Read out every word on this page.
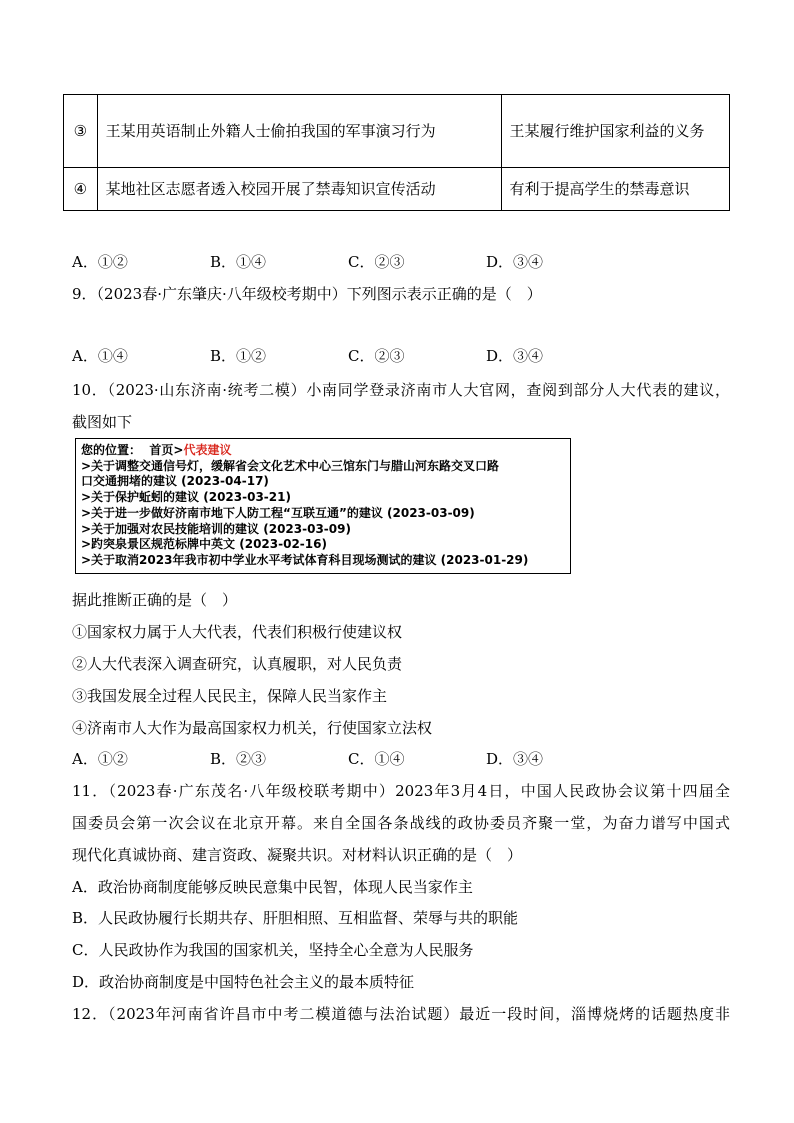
③	王某用英语制止外籍人士偷拍我国的军事演习行为	王某履行维护国家利益的义务
④	某地社区志愿者透入校园开展了禁毒知识宣传活动	有利于提高学生的禁毒意识
A．①②	B．①④	C．②③	D．③④
9．（2023春·广东肇庆·八年级校考期中）下列图示表示正确的是（　）
A．①④	B．①②	C．②③	D．③④
10．（2023·山东济南·统考二模）小南同学登录济南市人大官网，查阅到部分人大代表的建议，
截图如下
您的位置： 首页>代表建议
>关于调整交通信号灯，缓解省会文化艺术中心三馆东门与腊山河东路交叉口路
口交通拥堵的建议 (2023-04-17)
>关于保护蚯蚓的建议 (2023-03-21)
>关于进一步做好济南市地下人防工程“互联互通”的建议 (2023-03-09)
>关于加强对农民技能培训的建议 (2023-03-09)
>趵突泉景区规范标牌中英文 (2023-02-16)
>关于取消2023年我市初中学业水平考试体育科目现场测试的建议 (2023-01-29)
据此推断正确的是（　）
①国家权力属于人大代表，代表们积极行使建议权
②人大代表深入调查研究，认真履职，对人民负责
③我国发展全过程人民民主，保障人民当家作主
④济南市人大作为最高国家权力机关，行使国家立法权
A．①②	B．②③	C．①④	D．③④
11．（2023春·广东茂名·八年级校联考期中）2023年3月4日，中国人民政协会议第十四届全
国委员会第一次会议在北京开幕。来自全国各条战线的政协委员齐聚一堂，为奋力谱写中国式
现代化真诚协商、建言资政、凝聚共识。对材料认识正确的是（　）
A．政治协商制度能够反映民意集中民智，体现人民当家作主
B．人民政协履行长期共存、肝胆相照、互相监督、荣辱与共的职能
C．人民政协作为我国的国家机关，坚持全心全意为人民服务
D．政治协商制度是中国特色社会主义的最本质特征
12．（2023年河南省许昌市中考二模道德与法治试题）最近一段时间，淄博烧烤的话题热度非
